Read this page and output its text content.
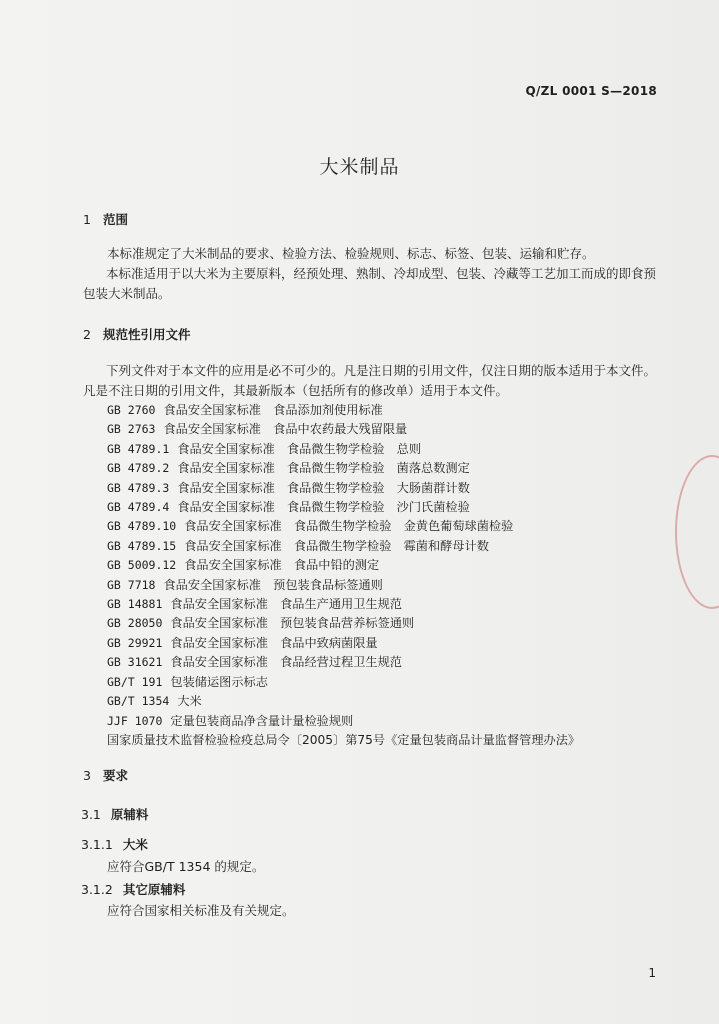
Q/ZL 0001 S—2018
大米制品
1 范围
本标准规定了大米制品的要求、检验方法、检验规则、标志、标签、包装、运输和贮存。
本标准适用于以大米为主要原料，经预处理、熟制、冷却成型、包装、冷藏等工艺加工而成的即食预包装大米制品。
2 规范性引用文件
下列文件对于本文件的应用是必不可少的。凡是注日期的引用文件，仅注日期的版本适用于本文件。凡是不注日期的引用文件，其最新版本（包括所有的修改单）适用于本文件。
GB 2760 食品安全国家标准　食品添加剂使用标准
GB 2763 食品安全国家标准　食品中农药最大残留限量
GB 4789.1 食品安全国家标准　食品微生物学检验　总则
GB 4789.2 食品安全国家标准　食品微生物学检验　菌落总数测定
GB 4789.3 食品安全国家标准　食品微生物学检验　大肠菌群计数
GB 4789.4 食品安全国家标准　食品微生物学检验　沙门氏菌检验
GB 4789.10 食品安全国家标准　食品微生物学检验　金黄色葡萄球菌检验
GB 4789.15 食品安全国家标准　食品微生物学检验　霉菌和酵母计数
GB 5009.12 食品安全国家标准　食品中铅的测定
GB 7718 食品安全国家标准　预包装食品标签通则
GB 14881 食品安全国家标准　食品生产通用卫生规范
GB 28050 食品安全国家标准　预包装食品营养标签通则
GB 29921 食品安全国家标准　食品中致病菌限量
GB 31621 食品安全国家标准　食品经营过程卫生规范
GB/T 191 包装储运图示标志
GB/T 1354 大米
JJF 1070 定量包装商品净含量计量检验规则
国家质量技术监督检验检疫总局令〔2005〕第75号《定量包装商品计量监督管理办法》
3 要求
3.1 原辅料
3.1.1 大米
应符合GB/T 1354 的规定。
3.1.2 其它原辅料
应符合国家相关标准及有关规定。
1
